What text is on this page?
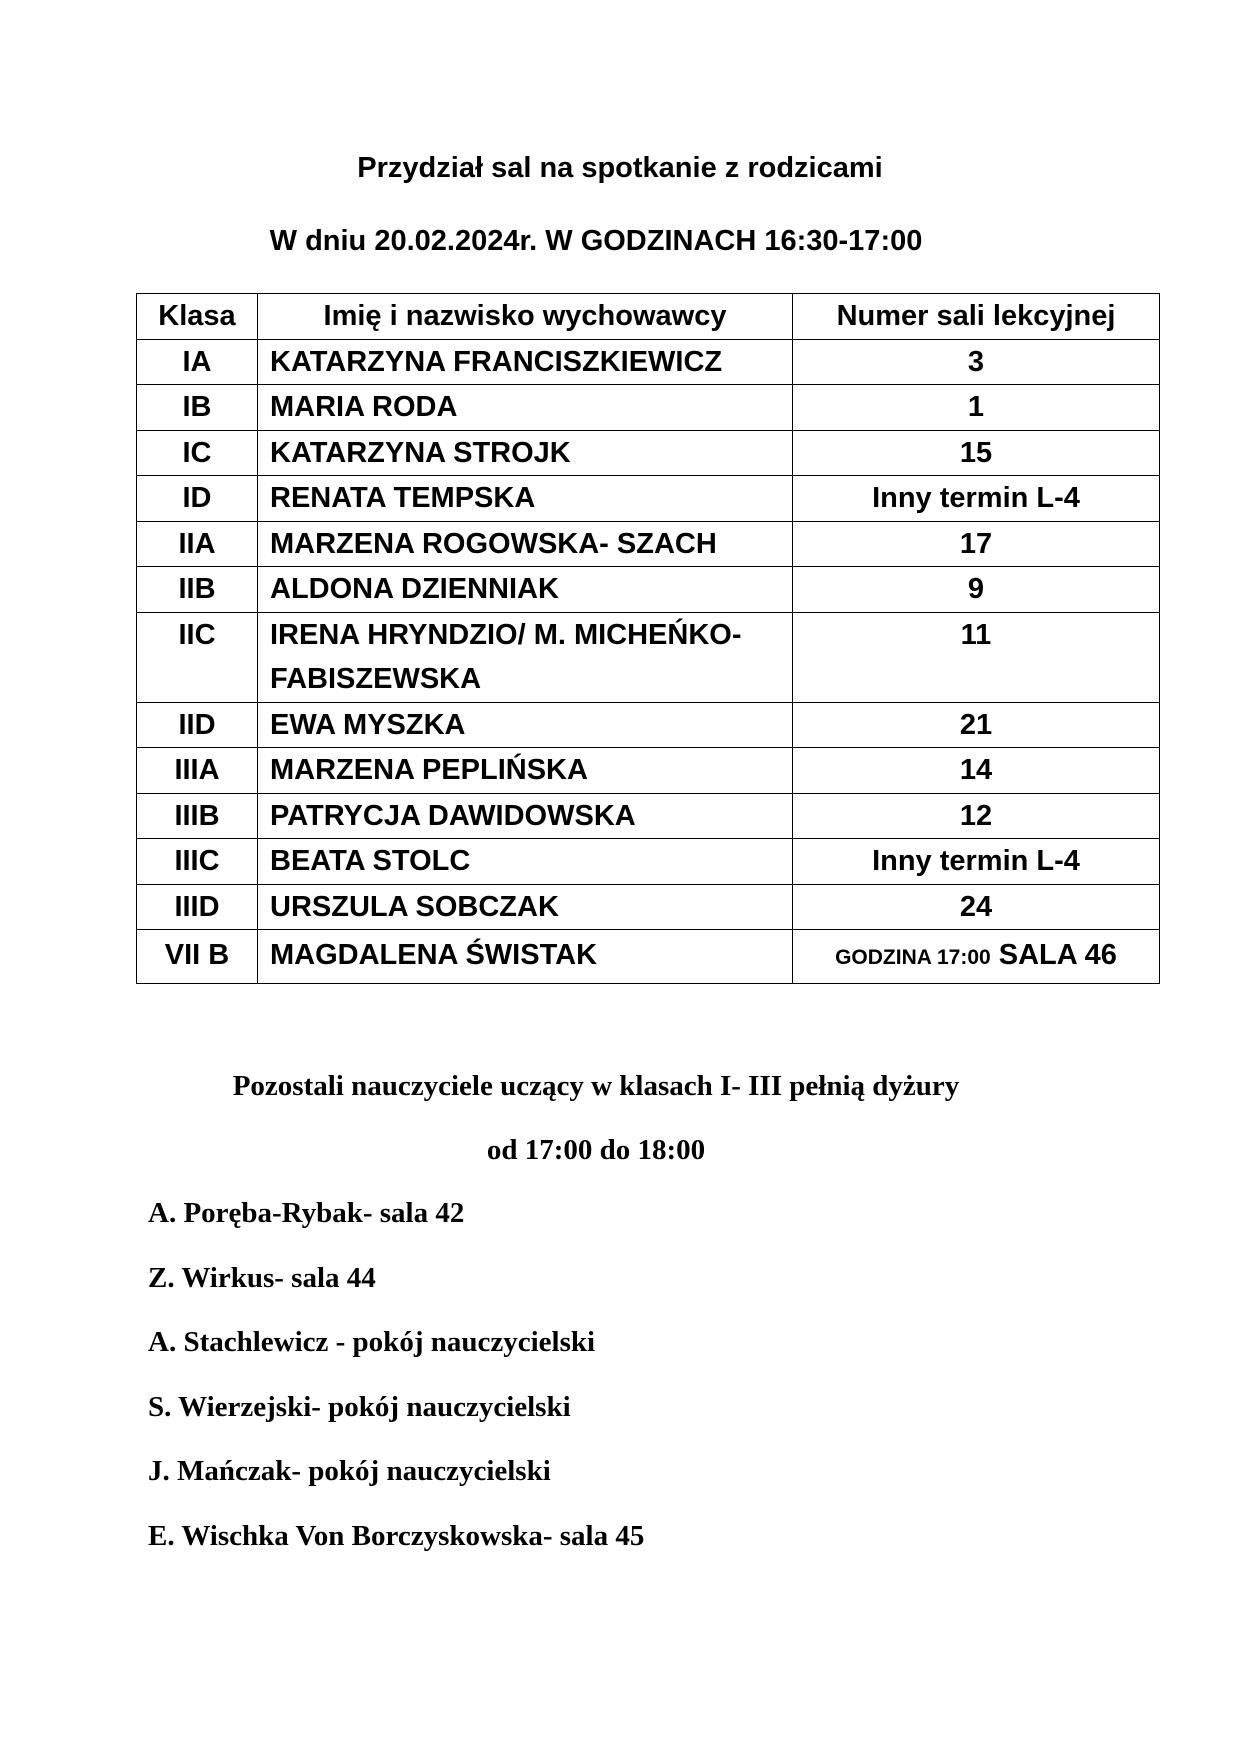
Przydział sal na spotkanie z rodzicami
W dniu 20.02.2024r. W GODZINACH 16:30-17:00
Klasa	Imię i nazwisko wychowawcy	Numer sali lekcyjnej
IA	KATARZYNA FRANCISZKIEWICZ	3
IB	MARIA RODA	1
IC	KATARZYNA STROJK	15
ID	RENATA TEMPSKA	Inny termin L-4
IIA	MARZENA ROGOWSKA- SZACH	17
IIB	ALDONA DZIENNIAK	9
IIC	IRENA HRYNDZIO/ M. MICHEŃKO-FABISZEWSKA	11
IID	EWA MYSZKA	21
IIIA	MARZENA PEPLIŃSKA	14
IIIB	PATRYCJA DAWIDOWSKA	12
IIIC	BEATA STOLC	Inny termin L-4
IIID	URSZULA SOBCZAK	24
VII B	MAGDALENA ŚWISTAK	GODZINA 17:00 SALA 46

Pozostali nauczyciele uczący w klasach I- III pełnią dyżury

od 17:00 do 18:00

A. Poręba-Rybak- sala 42
Z. Wirkus- sala 44
A. Stachlewicz - pokój nauczycielski
S. Wierzejski- pokój nauczycielski
J. Mańczak- pokój nauczycielski
E. Wischka Von Borczyskowska- sala 45
